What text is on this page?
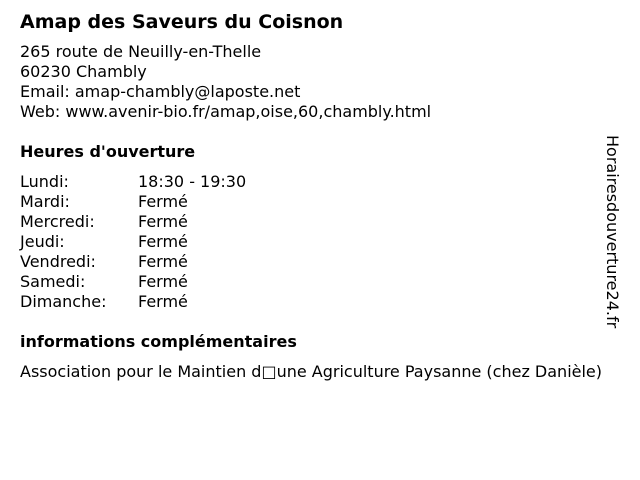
Amap des Saveurs du Coisnon
265 route de Neuilly-en-Thelle
60230 Chambly
Email: amap-chambly@laposte.net
Web: www.avenir-bio.fr/amap,oise,60,chambly.html
Heures d'ouverture
Lundi:	18:30 - 19:30
Mardi:	Fermé
Mercredi:	Fermé
Jeudi:	Fermé
Vendredi:	Fermé
Samedi:	Fermé
Dimanche:	Fermé
informations complémentaires
Association pour le Maintien d□une Agriculture Paysanne (chez Danièle)
Horairesdouverture24.fr
